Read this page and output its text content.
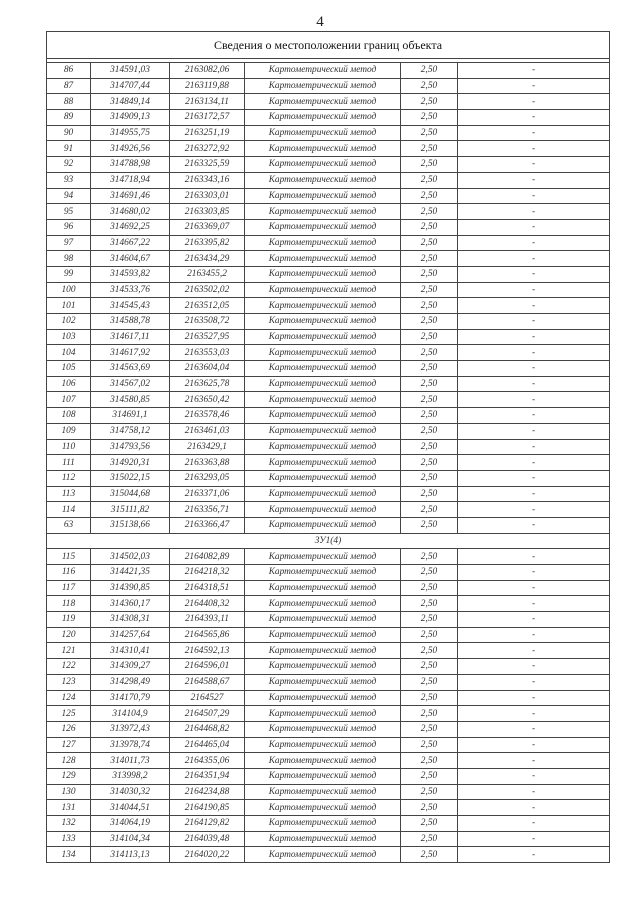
4
Сведения о местоположении границ объекта					

86	314591,03	2163082,06	Картометрический метод	2,50	-
87	314707,44	2163119,88	Картометрический метод	2,50	-
88	314849,14	2163134,11	Картометрический метод	2,50	-
89	314909,13	2163172,57	Картометрический метод	2,50	-
90	314955,75	2163251,19	Картометрический метод	2,50	-
91	314926,56	2163272,92	Картометрический метод	2,50	-
92	314788,98	2163325,59	Картометрический метод	2,50	-
93	314718,94	2163343,16	Картометрический метод	2,50	-
94	314691,46	2163303,01	Картометрический метод	2,50	-
95	314680,02	2163303,85	Картометрический метод	2,50	-
96	314692,25	2163369,07	Картометрический метод	2,50	-
97	314667,22	2163395,82	Картометрический метод	2,50	-
98	314604,67	2163434,29	Картометрический метод	2,50	-
99	314593,82	2163455,2	Картометрический метод	2,50	-
100	314533,76	2163502,02	Картометрический метод	2,50	-
101	314545,43	2163512,05	Картометрический метод	2,50	-
102	314588,78	2163508,72	Картометрический метод	2,50	-
103	314617,11	2163527,95	Картометрический метод	2,50	-
104	314617,92	2163553,03	Картометрический метод	2,50	-
105	314563,69	2163604,04	Картометрический метод	2,50	-
106	314567,02	2163625,78	Картометрический метод	2,50	-
107	314580,85	2163650,42	Картометрический метод	2,50	-
108	314691,1	2163578,46	Картометрический метод	2,50	-
109	314758,12	2163461,03	Картометрический метод	2,50	-
110	314793,56	2163429,1	Картометрический метод	2,50	-
111	314920,31	2163363,88	Картометрический метод	2,50	-
112	315022,15	2163293,05	Картометрический метод	2,50	-
113	315044,68	2163371,06	Картометрический метод	2,50	-
114	315111,82	2163356,71	Картометрический метод	2,50	-
63	315138,66	2163366,47	Картометрический метод	2,50	-
ЗУ1(4)					
115	314502,03	2164082,89	Картометрический метод	2,50	-
116	314421,35	2164218,32	Картометрический метод	2,50	-
117	314390,85	2164318,51	Картометрический метод	2,50	-
118	314360,17	2164408,32	Картометрический метод	2,50	-
119	314308,31	2164393,11	Картометрический метод	2,50	-
120	314257,64	2164565,86	Картометрический метод	2,50	-
121	314310,41	2164592,13	Картометрический метод	2,50	-
122	314309,27	2164596,01	Картометрический метод	2,50	-
123	314298,49	2164588,67	Картометрический метод	2,50	-
124	314170,79	2164527	Картометрический метод	2,50	-
125	314104,9	2164507,29	Картометрический метод	2,50	-
126	313972,43	2164468,82	Картометрический метод	2,50	-
127	313978,74	2164465,04	Картометрический метод	2,50	-
128	314011,73	2164355,06	Картометрический метод	2,50	-
129	313998,2	2164351,94	Картометрический метод	2,50	-
130	314030,32	2164234,88	Картометрический метод	2,50	-
131	314044,51	2164190,85	Картометрический метод	2,50	-
132	314064,19	2164129,82	Картометрический метод	2,50	-
133	314104,34	2164039,48	Картометрический метод	2,50	-
134	314113,13	2164020,22	Картометрический метод	2,50	-
